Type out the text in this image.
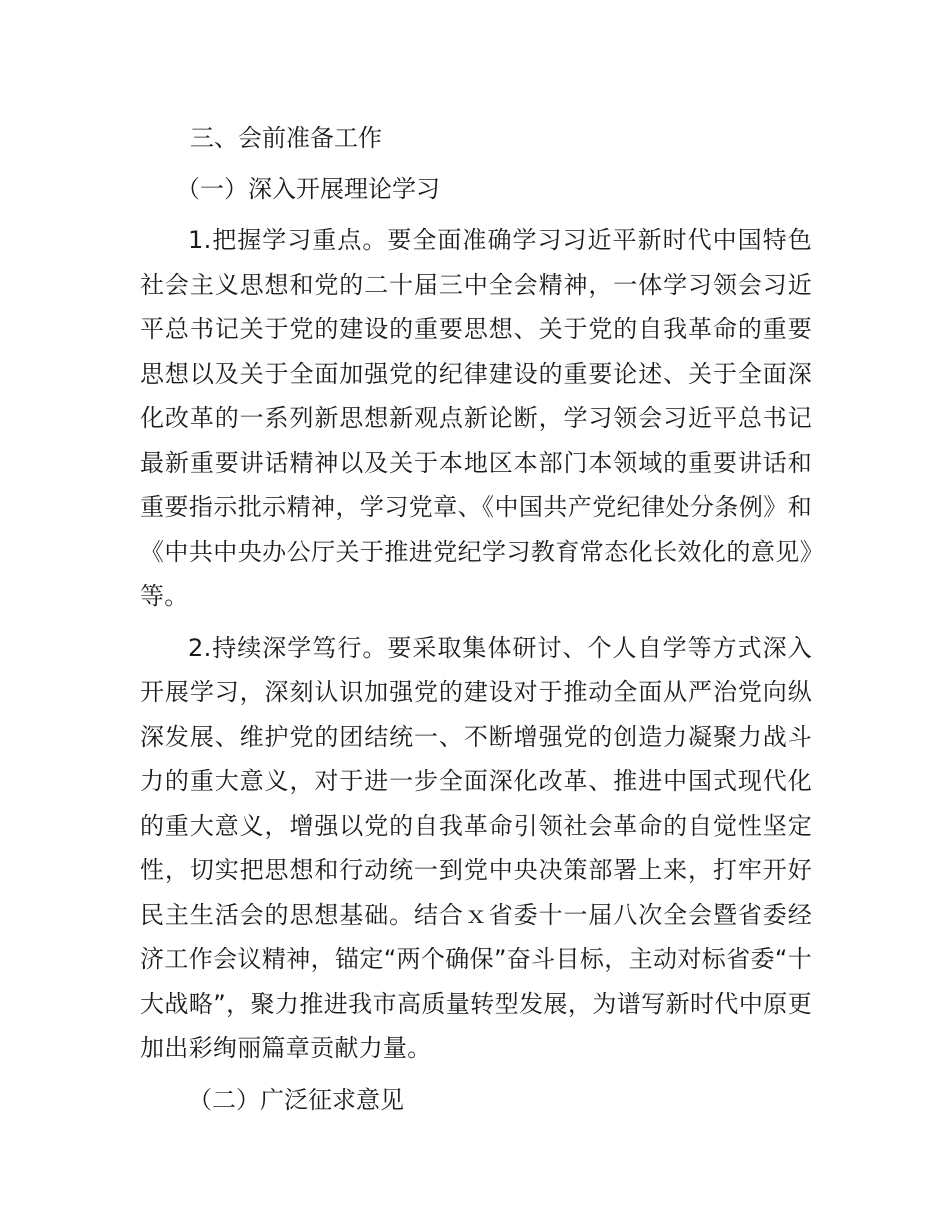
三、会前准备工作
（一）深入开展理论学习

1.把握学习重点。要全面准确学习习近平新时代中国特色社会主义思想和党的二十届三中全会精神，一体学习领会习近平总书记关于党的建设的重要思想、关于党的自我革命的重要思想以及关于全面加强党的纪律建设的重要论述、关于全面深化改革的一系列新思想新观点新论断，学习领会习近平总书记最新重要讲话精神以及关于本地区本部门本领域的重要讲话和重要指示批示精神，学习党章、《中国共产党纪律处分条例》和《中共中央办公厅关于推进党纪学习教育常态化长效化的意见》等。

2.持续深学笃行。要采取集体研讨、个人自学等方式深入开展学习，深刻认识加强党的建设对于推动全面从严治党向纵深发展、维护党的团结统一、不断增强党的创造力凝聚力战斗力的重大意义，对于进一步全面深化改革、推进中国式现代化的重大意义，增强以党的自我革命引领社会革命的自觉性坚定性，切实把思想和行动统一到党中央决策部署上来，打牢开好民主生活会的思想基础。结合ｘ省委十一届八次全会暨省委经济工作会议精神，锚定“两个确保”奋斗目标，主动对标省委“十大战略”，聚力推进我市高质量转型发展，为谱写新时代中原更加出彩绚丽篇章贡献力量。

（二）广泛征求意见
